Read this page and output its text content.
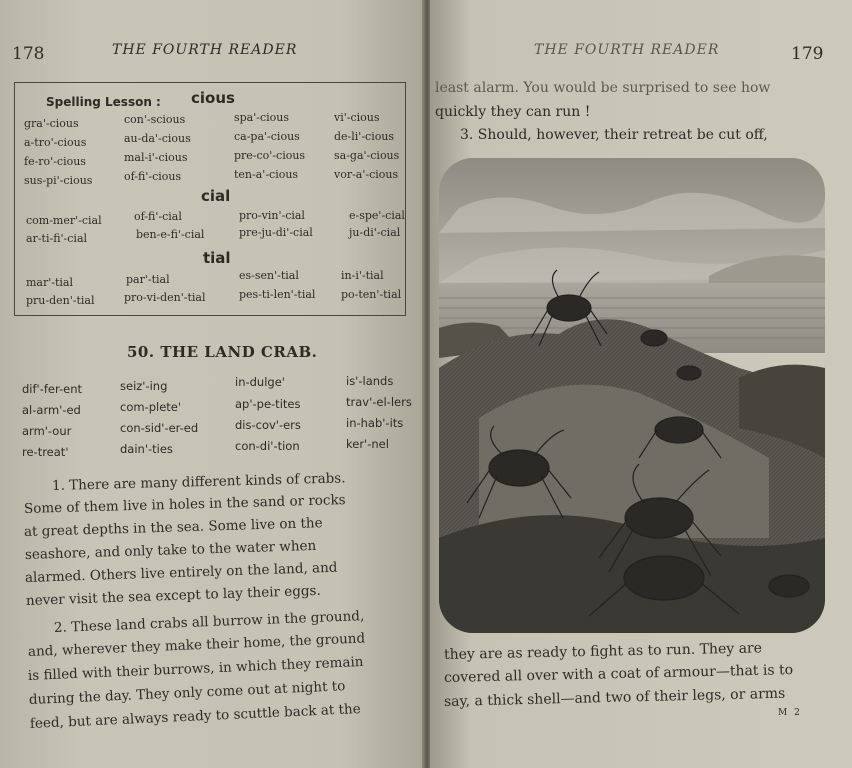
178	THE FOURTH READER
Spelling Lesson : cious
gra'-cious	con'-scious	spa'-cious	vi'-cious
a-tro'-cious	au-da'-cious	ca-pa'-cious	de-li'-cious
fe-ro'-cious	mal-i'-cious	pre-co'-cious	sa-ga'-cious
sus-pi'-cious	of-fi'-cious	ten-a'-cious	vor-a'-cious
cial
com-mer'-cial	of-fi'-cial	pro-vin'-cial	e-spe'-cial
ar-ti-fi'-cial	ben-e-fi'-cial	pre-ju-di'-cial	ju-di'-cial
tial
mar'-tial	par'-tial	es-sen'-tial	in-i'-tial
pru-den'-tial	pro-vi-den'-tial	pes-ti-len'-tial po-ten'-tial
50. THE LAND CRAB.
dif'-fer-ent	seiz'-ing	in-dulge'	is'-lands
al-arm'-ed	com-plete'	ap'-pe-tites	trav'-el-lers
arm'-our	con-sid'-er-ed	dis-cov'-ers	in-hab'-its
re-treat'	dain'-ties	con-di'-tion	ker'-nel
1. There are many different kinds of crabs.
Some of them live in holes in the sand or rocks
at great depths in the sea. Some live on the
seashore, and only take to the water when
alarmed. Others live entirely on the land, and
never visit the sea except to lay their eggs.
2. These land crabs all burrow in the ground,
and, wherever they make their home, the ground
is filled with their burrows, in which they remain
during the day. They only come out at night to
feed, but are always ready to scuttle back at the
THE FOURTH READER	179
least alarm. You would be surprised to see how
quickly they can run !
3. Should, however, their retreat be cut off,
they are as ready to fight as to run. They are
covered all over with a coat of armour—that is to
say, a thick shell—and two of their legs, or arms
M 2
